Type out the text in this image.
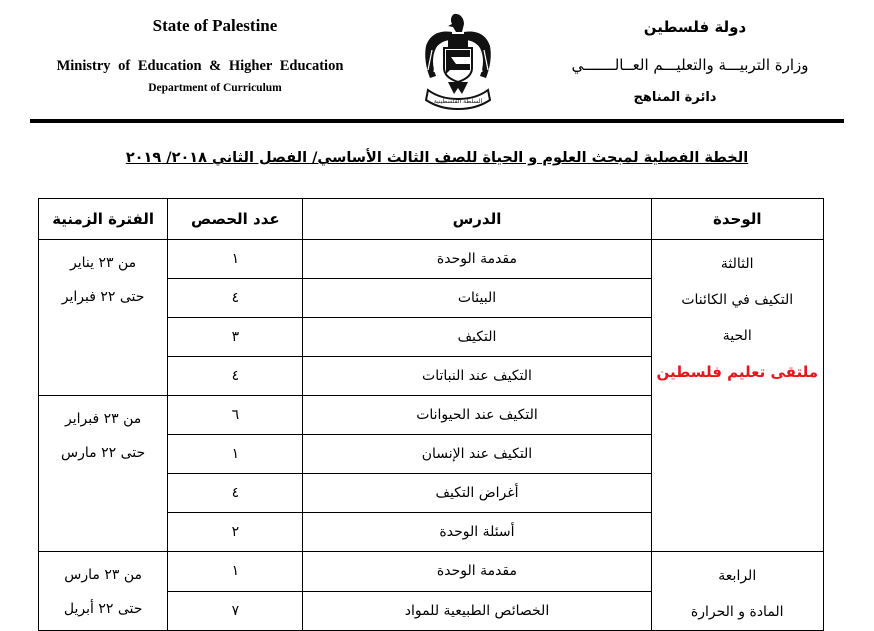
State of Palestine
Ministry of Education & Higher Education
Department of Curriculum
دولة فلسطين
وزارة التربيـــة والتعليـــم العــالـــــــي
دائرة المناهج
السلطة الفلسطينية
الخطة الفصلية لمبحث العلوم و الحياة للصف الثالث الأساسي/ الفصل الثاني ٢٠١٨/ ٢٠١٩
الوحدة	الدرس	عدد الحصص	الفترة الزمنية

الثالثة
التكيف في الكائنات
الحية
ملتقى تعليم فلسطين	مقدمة الوحدة	١	من ٢٣ يناير
حتى ٢٢ فبراير

	البيئات	٤	
	التكيف	٣	
	التكيف عند النباتات	٤	
	التكيف عند الحيوانات	٦	من ٢٣ فبراير
حتى ٢٢ مارس

	التكيف عند الإنسان	١	
	أغراض التكيف	٤	
	أسئلة الوحدة	٢	

الرابعة
المادة و الحرارة	مقدمة الوحدة	١	من ٢٣ مارس
حتى ٢٢ أبريل

	الخصائص الطبيعية للمواد	٧	
